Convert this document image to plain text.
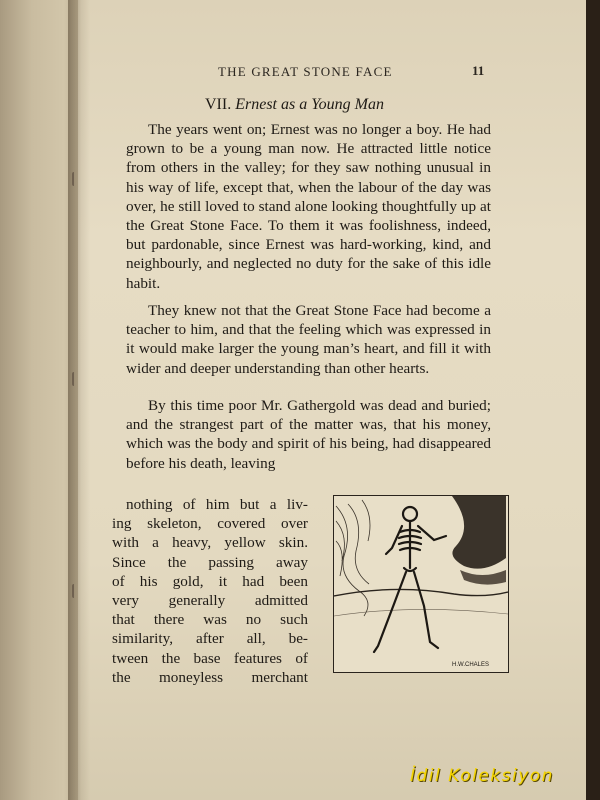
THE GREAT STONE FACE	11
VII. Ernest as a Young Man

The years went on; Ernest was no longer a boy. He had grown to be a young man now. He attracted little notice from others in the valley; for they saw nothing unusual in his way of life, except that, when the labour of the day was over, he still loved to stand alone looking thoughtfully up at the Great Stone Face. To them it was foolishness, indeed, but pardonable, since Ernest was hard-working, kind, and neighbourly, and neglected no duty for the sake of this idle habit.

They knew not that the Great Stone Face had become a teacher to him, and that the feeling which was expressed in it would make larger the young man’s heart, and fill it with wider and deeper understanding than other hearts.

By this time poor Mr. Gathergold was dead and buried; and the strangest part of the matter was, that his money, which was the body and spirit of his being, had disappeared before his death, leaving

nothing of him but a liv-
ing skeleton, covered over
with a heavy, yellow skin.
Since the passing away
of his gold, it had been
very generally admitted
that there was no such
similarity, after all, be-
tween the base features of
the moneyless merchant
H.W.CHALES
İdil Koleksiyon
